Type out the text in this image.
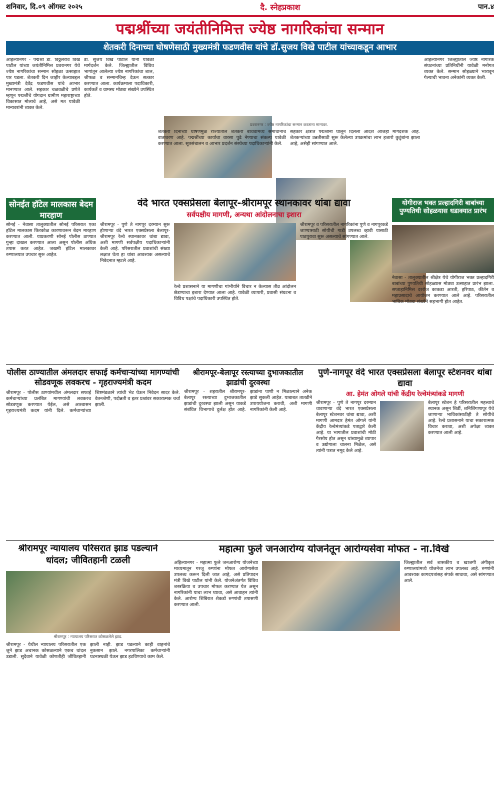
शनिवार, दि.०९ ऑगस्ट २०२५	दै. स्नेहप्रकाश	पान.४
पद्मश्रींच्या जयंतीनिमित्त ज्येष्ठ नागरिकांचा सन्मान
शेतकरी दिनाच्या घोषणेसाठी मुख्यमंत्री फडणवीस यांचे डॉ.सुजय विखे पाटील यांच्याकडून आभार

अहिल्यानगर - पद्मश्री डॉ. विठ्ठलराव विखे पाटील यांच्या जयंतीनिमित्त प्रवरानगर येथे ज्येष्ठ नागरिकांचा सन्मान सोहळा उत्साहात पार पडला. शेतकरी दिन जाहीर केल्याबद्दल मुख्यमंत्री देवेंद्र फडणवीस यांचे आभार मानण्यात आले. सहकार चळवळीचे प्रणेते म्हणून पद्मश्रींचे योगदान ग्रामीण महाराष्ट्राच्या विकासात मोलाचे आहे, असे मत यावेळी मान्यवरांनी व्यक्त केले.

डॉ. सुजय विखे पाटील यांनी यावेळी मार्गदर्शन केले. जिल्ह्यातील विविध भागांतून आलेल्या ज्येष्ठ नागरिकांचा शाल, श्रीफळ व सन्मानचिन्ह देऊन सत्कार करण्यात आला. कार्यक्रमाला पदाधिकारी, कार्यकर्ते व ग्रामस्थ मोठ्या संख्येने उपस्थित होते.

अहिल्यानगर जिल्ह्यातील ज्येष्ठ नागरिक संघटनांच्या प्रतिनिधींनी यावेळी मनोगत व्यक्त केले. सन्मान सोहळ्याने भारावून गेल्याची भावना अनेकांनी व्यक्त केली.

प्रवरानगर : ज्येष्ठ नागरिकांचा सन्मान करताना मान्यवर.

शेतकरी दिनाच्या घोषणेमुळे राज्यातील शेतकरी बांधवांमध्ये समाधानाचे वातावरण आहे. पद्मश्रींच्या कार्याचा वारसा पुढे नेण्याचा संकल्प यावेळी करण्यात आला. सूत्रसंचालन व आभार प्रदर्शन संस्थेच्या पदाधिकाऱ्यांनी केले.

सहकार क्षेत्रात पद्मश्रींनी घालून दिलेला आदर्श आजही मार्गदर्शक आहे. शेतकऱ्यांच्या उन्नतीसाठी सुरू केलेल्या उपक्रमांचा लाभ हजारो कुटुंबांना झाला आहे, असेही सांगण्यात आले.

सोनईत हॉटेल मालकास बेदम मारहाण
सोनई - नेवासा तालुक्यातील सोनई परिसरात एका हॉटेल मालकास किरकोळ कारणावरून बेदम मारहाण करण्यात आली. याप्रकरणी सोनई पोलीस ठाण्यात गुन्हा दाखल करण्यात आला असून पोलीस अधिक तपास करत आहेत. जखमी हॉटेल मालकावर रुग्णालयात उपचार सुरू आहेत.
वंदे भारत एक्सप्रेसला बेलापूर-श्रीरामपूर स्थानकावर थांबा द्यावा
सर्वपक्षीय मागणी, अन्यथा आंदोलनाचा इशारा
श्रीरामपूर - पुणे ते नागपूर दरम्यान सुरू होणाऱ्या वंदे भारत एक्सप्रेसला बेलापूर-श्रीरामपूर रेल्वे स्थानकावर थांबा द्यावा, अशी मागणी सर्वपक्षीय पदाधिकाऱ्यांनी केली आहे. परिसरातील प्रवाशांची संख्या लक्षात घेता हा थांबा आवश्यक असल्याचे निवेदनात म्हटले आहे.
श्रीरामपूर व परिसरातील नागरिकांना पुणे व नागपूरकडे जाण्यासाठी सोयीची गाडी उपलब्ध व्हावी यासाठी पाठपुरावा सुरू असल्याचे सांगण्यात आले.
रेल्वे प्रशासनाने या मागणीचा गांभीर्याने विचार न केल्यास तीव्र आंदोलन छेडण्याचा इशारा देण्यात आला आहे. यावेळी व्यापारी, प्रवासी संघटना व विविध पक्षांचे पदाधिकारी उपस्थित होते.
योगीराज भक्त प्रल्हादगिरी बाबांच्या पुण्यतिथी सोहळयास धडाक्यात प्रारंभ
नेवासा - तालुक्यातील श्रीक्षेत्र येथे योगीराज भक्त प्रल्हादगिरी बाबांच्या पुण्यतिथी सोहळ्यास मोठ्या उत्साहात प्रारंभ झाला. सप्ताहानिमित्त दररोज काकडा आरती, हरिपाठ, कीर्तन व महाप्रसादाचे आयोजन करण्यात आले आहे. परिसरातील भाविक मोठ्या संख्येने सहभागी होत आहेत.
पोलीस ठाण्यातील अंमलदार सफाई कर्मचाऱ्यांच्या मागण्यांची सोडवणूक लवकरच - गृहराज्यमंत्री कदम
श्रीरामपूर - पोलीस ठाण्यांमधील अंमलदार सफाई कर्मचाऱ्यांच्या प्रलंबित मागण्यांची लवकरच सोडवणूक करण्यात येईल, असे आश्वासन गृहराज्यमंत्री कदम यांनी दिले. कर्मचाऱ्यांच्या शिष्टमंडळाने त्यांची भेट घेऊन निवेदन सादर केले. वेतनश्रेणी, पदोन्नती व इतर प्रश्नांवर सकारात्मक चर्चा झाली.
श्रीरामपूर-बेलापूर रस्त्याच्या दुभाजकातील झाडांची दुरवस्था
श्रीरामपूर - शहरातील श्रीरामपूर-बेलापूर रस्त्याच्या दुभाजकातील झाडांची दुरवस्था झाली असून याकडे संबंधित विभागाचे दुर्लक्ष होत आहे. झाडांना पाणी न मिळाल्याने अनेक झाडे सुकली आहेत. याबाबत तातडीने उपाययोजना करावी, अशी मागणी नागरिकांनी केली आहे.
पुणे-नागपूर वंदे भारत एक्सप्रेसला बेलापूर स्टेशनवर थांबा द्यावा
आ. हेमंत ओगले यांची केंद्रीय रेल्वेमंत्र्यांकडे मागणी
श्रीरामपूर - पुणे ते नागपूर दरम्यान धावणाऱ्या वंदे भारत एक्सप्रेसला बेलापूर स्टेशनवर थांबा द्यावा, अशी मागणी आमदार हेमंत ओगले यांनी केंद्रीय रेल्वेमंत्र्यांकडे पत्राद्वारे केली आहे. या भागातील प्रवाशांची मोठी गैरसोय होत असून थांब्यामुळे व्यापार व उद्योगाला चालना मिळेल, असे त्यांनी पत्रात नमूद केले आहे.
बेलापूर स्टेशन हे परिसरातील महत्त्वाचे स्थानक असून शिर्डी, शनिशिंगणापूर येथे जाणाऱ्या भाविकांसाठीही ते सोयीचे आहे. रेल्वे प्रशासनाने याचा सकारात्मक विचार करावा, अशी अपेक्षा व्यक्त करण्यात आली आहे.
श्रीरामपूर न्यायालय परिसरात झाड पडल्याने धांदल; जीवितहानी टळली
श्रीरामपूर : न्यायालय परिसरात कोसळलेले झाड.
श्रीरामपूर - येथील न्यायालय परिसरातील एक जुने झाड अचानक कोसळल्याने एकच धांदल उडाली. सुदैवाने यावेळी कोणतीही जीवितहानी झाली नाही. झाड पडल्याने काही वाहनांचे नुकसान झाले. नगरपालिका कर्मचाऱ्यांनी घटनास्थळी येऊन झाड हटविण्याचे काम केले.
महात्मा फुले जनआरोग्य योजनेतून आरोग्यसेवा मोफत - ना.विखे
अहिल्यानगर - महात्मा फुले जनआरोग्य योजनेच्या माध्यमातून गरजू रुग्णांना मोफत आरोग्यसेवा उपलब्ध करून दिली जात आहे, असे प्रतिपादन मंत्री विखे पाटील यांनी केले. योजनेअंतर्गत विविध शस्त्रक्रिया व उपचार मोफत करण्यात येत असून नागरिकांनी याचा लाभ घ्यावा, असे आवाहन त्यांनी केले. आरोग्य शिबिरात शेकडो रुग्णांची तपासणी करण्यात आली.
जिल्ह्यातील सर्व शासकीय व खाजगी अंगीकृत रुग्णालयांमध्ये योजनेचा लाभ उपलब्ध आहे. रुग्णांनी आवश्यक कागदपत्रांसह संपर्क साधावा, असे सांगण्यात आले.
